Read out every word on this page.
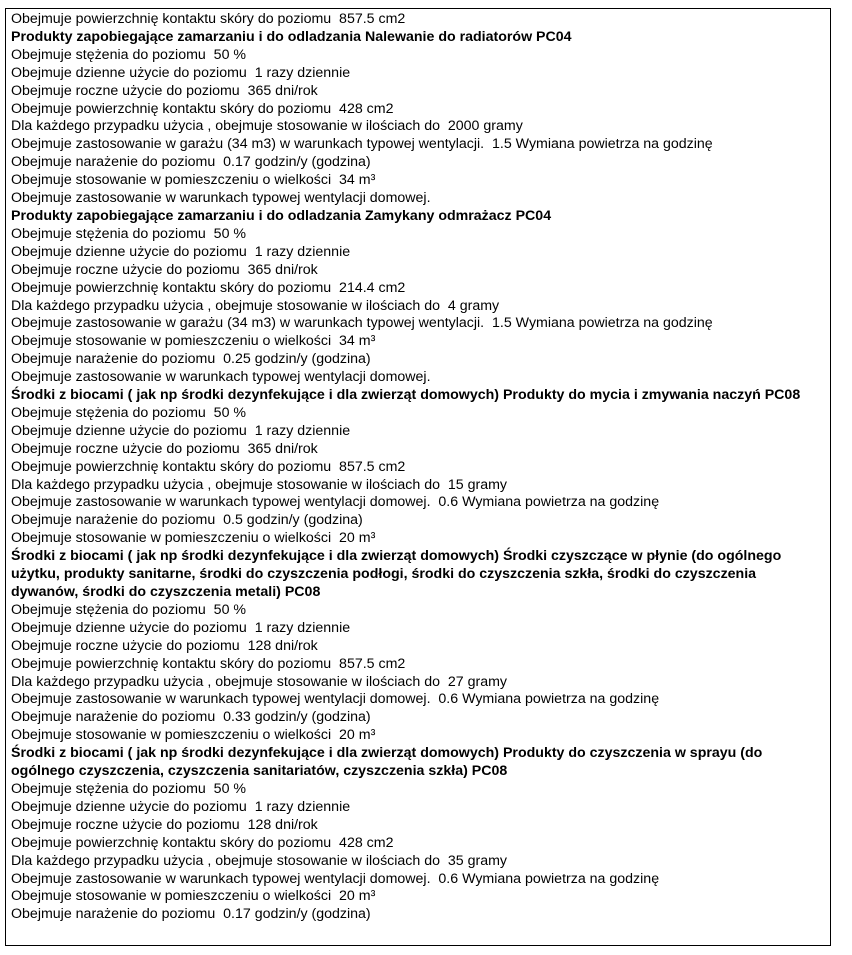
Obejmuje powierzchnię kontaktu skóry do poziomu  857.5 cm2
Produkty zapobiegające zamarzaniu i do odladzania Nalewanie do radiatorów PC04
Obejmuje stężenia do poziomu  50 %
Obejmuje dzienne użycie do poziomu  1 razy dziennie
Obejmuje roczne użycie do poziomu  365 dni/rok
Obejmuje powierzchnię kontaktu skóry do poziomu  428 cm2
Dla każdego przypadku użycia , obejmuje stosowanie w ilościach do  2000 gramy
Obejmuje zastosowanie w garażu (34 m3) w warunkach typowej wentylacji.  1.5 Wymiana powietrza na godzinę
Obejmuje narażenie do poziomu  0.17 godzin/y (godzina)
Obejmuje stosowanie w pomieszczeniu o wielkości  34 m³
Obejmuje zastosowanie w warunkach typowej wentylacji domowej.
Produkty zapobiegające zamarzaniu i do odladzania Zamykany odmrażacz PC04
Obejmuje stężenia do poziomu  50 %
Obejmuje dzienne użycie do poziomu  1 razy dziennie
Obejmuje roczne użycie do poziomu  365 dni/rok
Obejmuje powierzchnię kontaktu skóry do poziomu  214.4 cm2
Dla każdego przypadku użycia , obejmuje stosowanie w ilościach do  4 gramy
Obejmuje zastosowanie w garażu (34 m3) w warunkach typowej wentylacji.  1.5 Wymiana powietrza na godzinę
Obejmuje stosowanie w pomieszczeniu o wielkości  34 m³
Obejmuje narażenie do poziomu  0.25 godzin/y (godzina)
Obejmuje zastosowanie w warunkach typowej wentylacji domowej.
Środki z biocami ( jak np środki dezynfekujące i dla zwierząt domowych) Produkty do mycia i zmywania naczyń PC08
Obejmuje stężenia do poziomu  50 %
Obejmuje dzienne użycie do poziomu  1 razy dziennie
Obejmuje roczne użycie do poziomu  365 dni/rok
Obejmuje powierzchnię kontaktu skóry do poziomu  857.5 cm2
Dla każdego przypadku użycia , obejmuje stosowanie w ilościach do  15 gramy
Obejmuje zastosowanie w warunkach typowej wentylacji domowej.  0.6 Wymiana powietrza na godzinę
Obejmuje narażenie do poziomu  0.5 godzin/y (godzina)
Obejmuje stosowanie w pomieszczeniu o wielkości  20 m³
Środki z biocami ( jak np środki dezynfekujące i dla zwierząt domowych) Środki czyszczące w płynie (do ogólnego użytku, produkty sanitarne, środki do czyszczenia podłogi, środki do czyszczenia szkła, środki do czyszczenia dywanów, środki do czyszczenia metali) PC08
Obejmuje stężenia do poziomu  50 %
Obejmuje dzienne użycie do poziomu  1 razy dziennie
Obejmuje roczne użycie do poziomu  128 dni/rok
Obejmuje powierzchnię kontaktu skóry do poziomu  857.5 cm2
Dla każdego przypadku użycia , obejmuje stosowanie w ilościach do  27 gramy
Obejmuje zastosowanie w warunkach typowej wentylacji domowej.  0.6 Wymiana powietrza na godzinę
Obejmuje narażenie do poziomu  0.33 godzin/y (godzina)
Obejmuje stosowanie w pomieszczeniu o wielkości  20 m³
Środki z biocami ( jak np środki dezynfekujące i dla zwierząt domowych) Produkty do czyszczenia w sprayu (do ogólnego czyszczenia, czyszczenia sanitariatów, czyszczenia szkła) PC08
Obejmuje stężenia do poziomu  50 %
Obejmuje dzienne użycie do poziomu  1 razy dziennie
Obejmuje roczne użycie do poziomu  128 dni/rok
Obejmuje powierzchnię kontaktu skóry do poziomu  428 cm2
Dla każdego przypadku użycia , obejmuje stosowanie w ilościach do  35 gramy
Obejmuje zastosowanie w warunkach typowej wentylacji domowej.  0.6 Wymiana powietrza na godzinę
Obejmuje stosowanie w pomieszczeniu o wielkości  20 m³
Obejmuje narażenie do poziomu  0.17 godzin/y (godzina)
